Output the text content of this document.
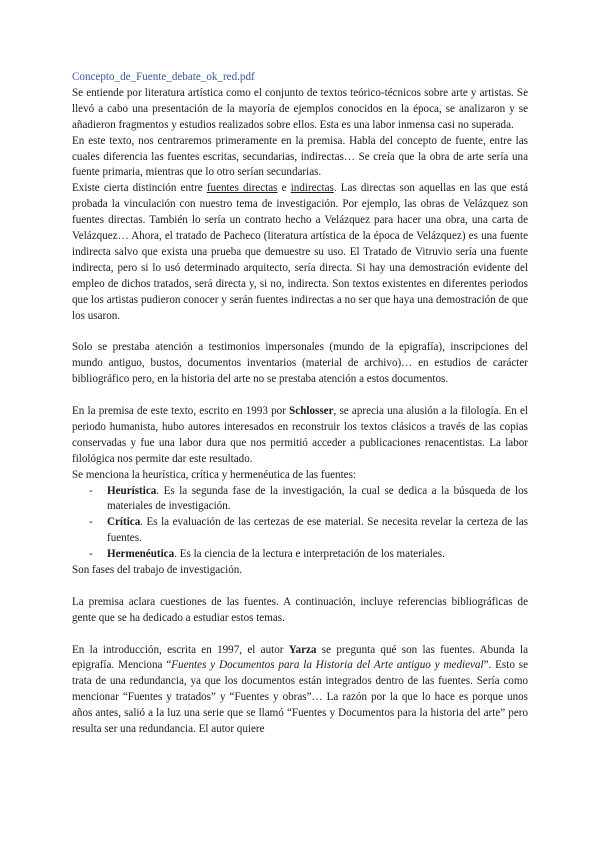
Concepto_de_Fuente_debate_ok_red.pdf

Se entiende por literatura artística como el conjunto de textos teórico-técnicos sobre arte y artistas. Se llevó a cabo una presentación de la mayoría de ejemplos conocidos en la época, se analizaron y se añadieron fragmentos y estudios realizados sobre ellos. Esta es una labor inmensa casi no superada.

En este texto, nos centraremos primeramente en la premisa. Habla del concepto de fuente, entre las cuales diferencia las fuentes escritas, secundarias, indirectas… Se creía que la obra de arte sería una fuente primaria, mientras que lo otro serían secundarias.

Existe cierta distinción entre fuentes directas e indirectas. Las directas son aquellas en las que está probada la vinculación con nuestro tema de investigación. Por ejemplo, las obras de Velázquez son fuentes directas. También lo sería un contrato hecho a Velázquez para hacer una obra, una carta de Velázquez… Ahora, el tratado de Pacheco (literatura artística de la época de Velázquez) es una fuente indirecta salvo que exista una prueba que demuestre su uso. El Tratado de Vitruvio sería una fuente indirecta, pero si lo usó determinado arquitecto, sería directa. Si hay una demostración evidente del empleo de dichos tratados, será directa y, si no, indirecta. Son textos existentes en diferentes periodos que los artistas pudieron conocer y serán fuentes indirectas a no ser que haya una demostración de que los usaron.

Solo se prestaba atención a testimonios impersonales (mundo de la epigrafía), inscripciones del mundo antiguo, bustos, documentos inventarios (material de archivo)… en estudios de carácter bibliográfico pero, en la historia del arte no se prestaba atención a estos documentos.

En la premisa de este texto, escrito en 1993 por Schlosser, se aprecia una alusión a la filología. En el periodo humanista, hubo autores interesados en reconstruir los textos clásicos a través de las copias conservadas y fue una labor dura que nos permitió acceder a publicaciones renacentistas. La labor filológica nos permite dar este resultado.

Se menciona la heurística, crítica y hermenéutica de las fuentes:

- Heurística. Es la segunda fase de la investigación, la cual se dedica a la búsqueda de los materiales de investigación.
- Crítica. Es la evaluación de las certezas de ese material. Se necesita revelar la certeza de las fuentes.
- Hermenéutica. Es la ciencia de la lectura e interpretación de los materiales.

Son fases del trabajo de investigación.

La premisa aclara cuestiones de las fuentes. A continuación, incluye referencias bibliográficas de gente que se ha dedicado a estudiar estos temas.

En la introducción, escrita en 1997, el autor Yarza se pregunta qué son las fuentes. Abunda la epigrafía. Menciona “Fuentes y Documentos para la Historia del Arte antiguo y medieval”. Esto se trata de una redundancia, ya que los documentos están integrados dentro de las fuentes. Sería como mencionar “Fuentes y tratados” y “Fuentes y obras”… La razón por la que lo hace es porque unos años antes, salió a la luz una serie que se llamó “Fuentes y Documentos para la historia del arte” pero resulta ser una redundancia. El autor quiere
